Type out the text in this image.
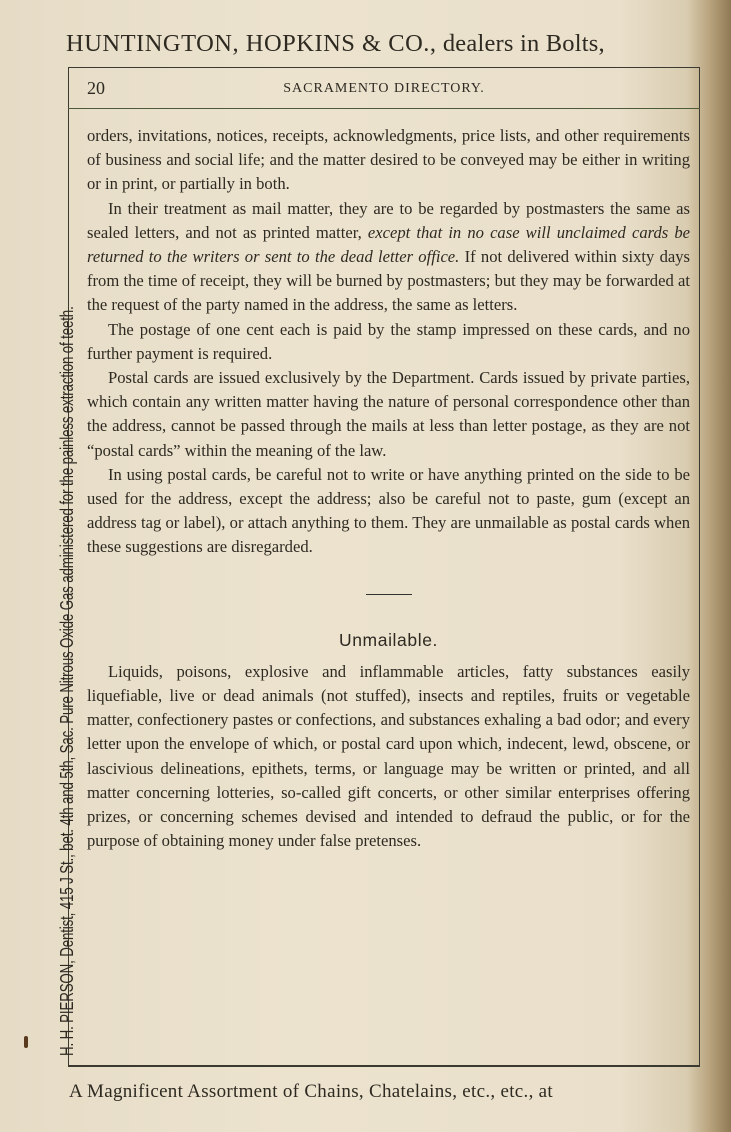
HUNTINGTON, HOPKINS & CO., dealers in Bolts,
20	SACRAMENTO DIRECTORY.

orders, invitations, notices, receipts, acknowledgments, price lists, and other requirements of business and social life; and the matter desired to be conveyed may be either in writing or in print, or partially in both.

In their treatment as mail matter, they are to be regarded by postmasters the same as sealed letters, and not as printed matter, except that in no case will unclaimed cards be returned to the writers or sent to the dead letter office. If not delivered within sixty days from the time of receipt, they will be burned by postmasters; but they may be forwarded at the request of the party named in the address, the same as letters.

The postage of one cent each is paid by the stamp impressed on these cards, and no further payment is required.

Postal cards are issued exclusively by the Department. Cards issued by private parties, which contain any written matter having the nature of personal correspondence other than the address, cannot be passed through the mails at less than letter postage, as they are not “postal cards” within the meaning of the law.

In using postal cards, be careful not to write or have anything printed on the side to be used for the address, except the address; also be careful not to paste, gum (except an address tag or label), or attach anything to them. They are unmailable as postal cards when these suggestions are disregarded.

Unmailable.

Liquids, poisons, explosive and inflammable articles, fatty substances easily liquefiable, live or dead animals (not stuffed), insects and reptiles, fruits or vegetable matter, confectionery pastes or confections, and substances exhaling a bad odor; and every letter upon the envelope of which, or postal card upon which, indecent, lewd, obscene, or lascivious delineations, epithets, terms, or language may be written or printed, and all matter concerning lotteries, so-called gift concerts, or other similar enterprises offering prizes, or concerning schemes devised and intended to defraud the public, or for the purpose of obtaining money under false pretenses.

H. H. PIERSON, Dentist, 415 J St., bet. 4th and 5th, Sac. Pure Nitrous Oxide Gas administered for the painless extraction of teeth.
A Magnificent Assortment of Chains, Chatelains, etc., etc., at
